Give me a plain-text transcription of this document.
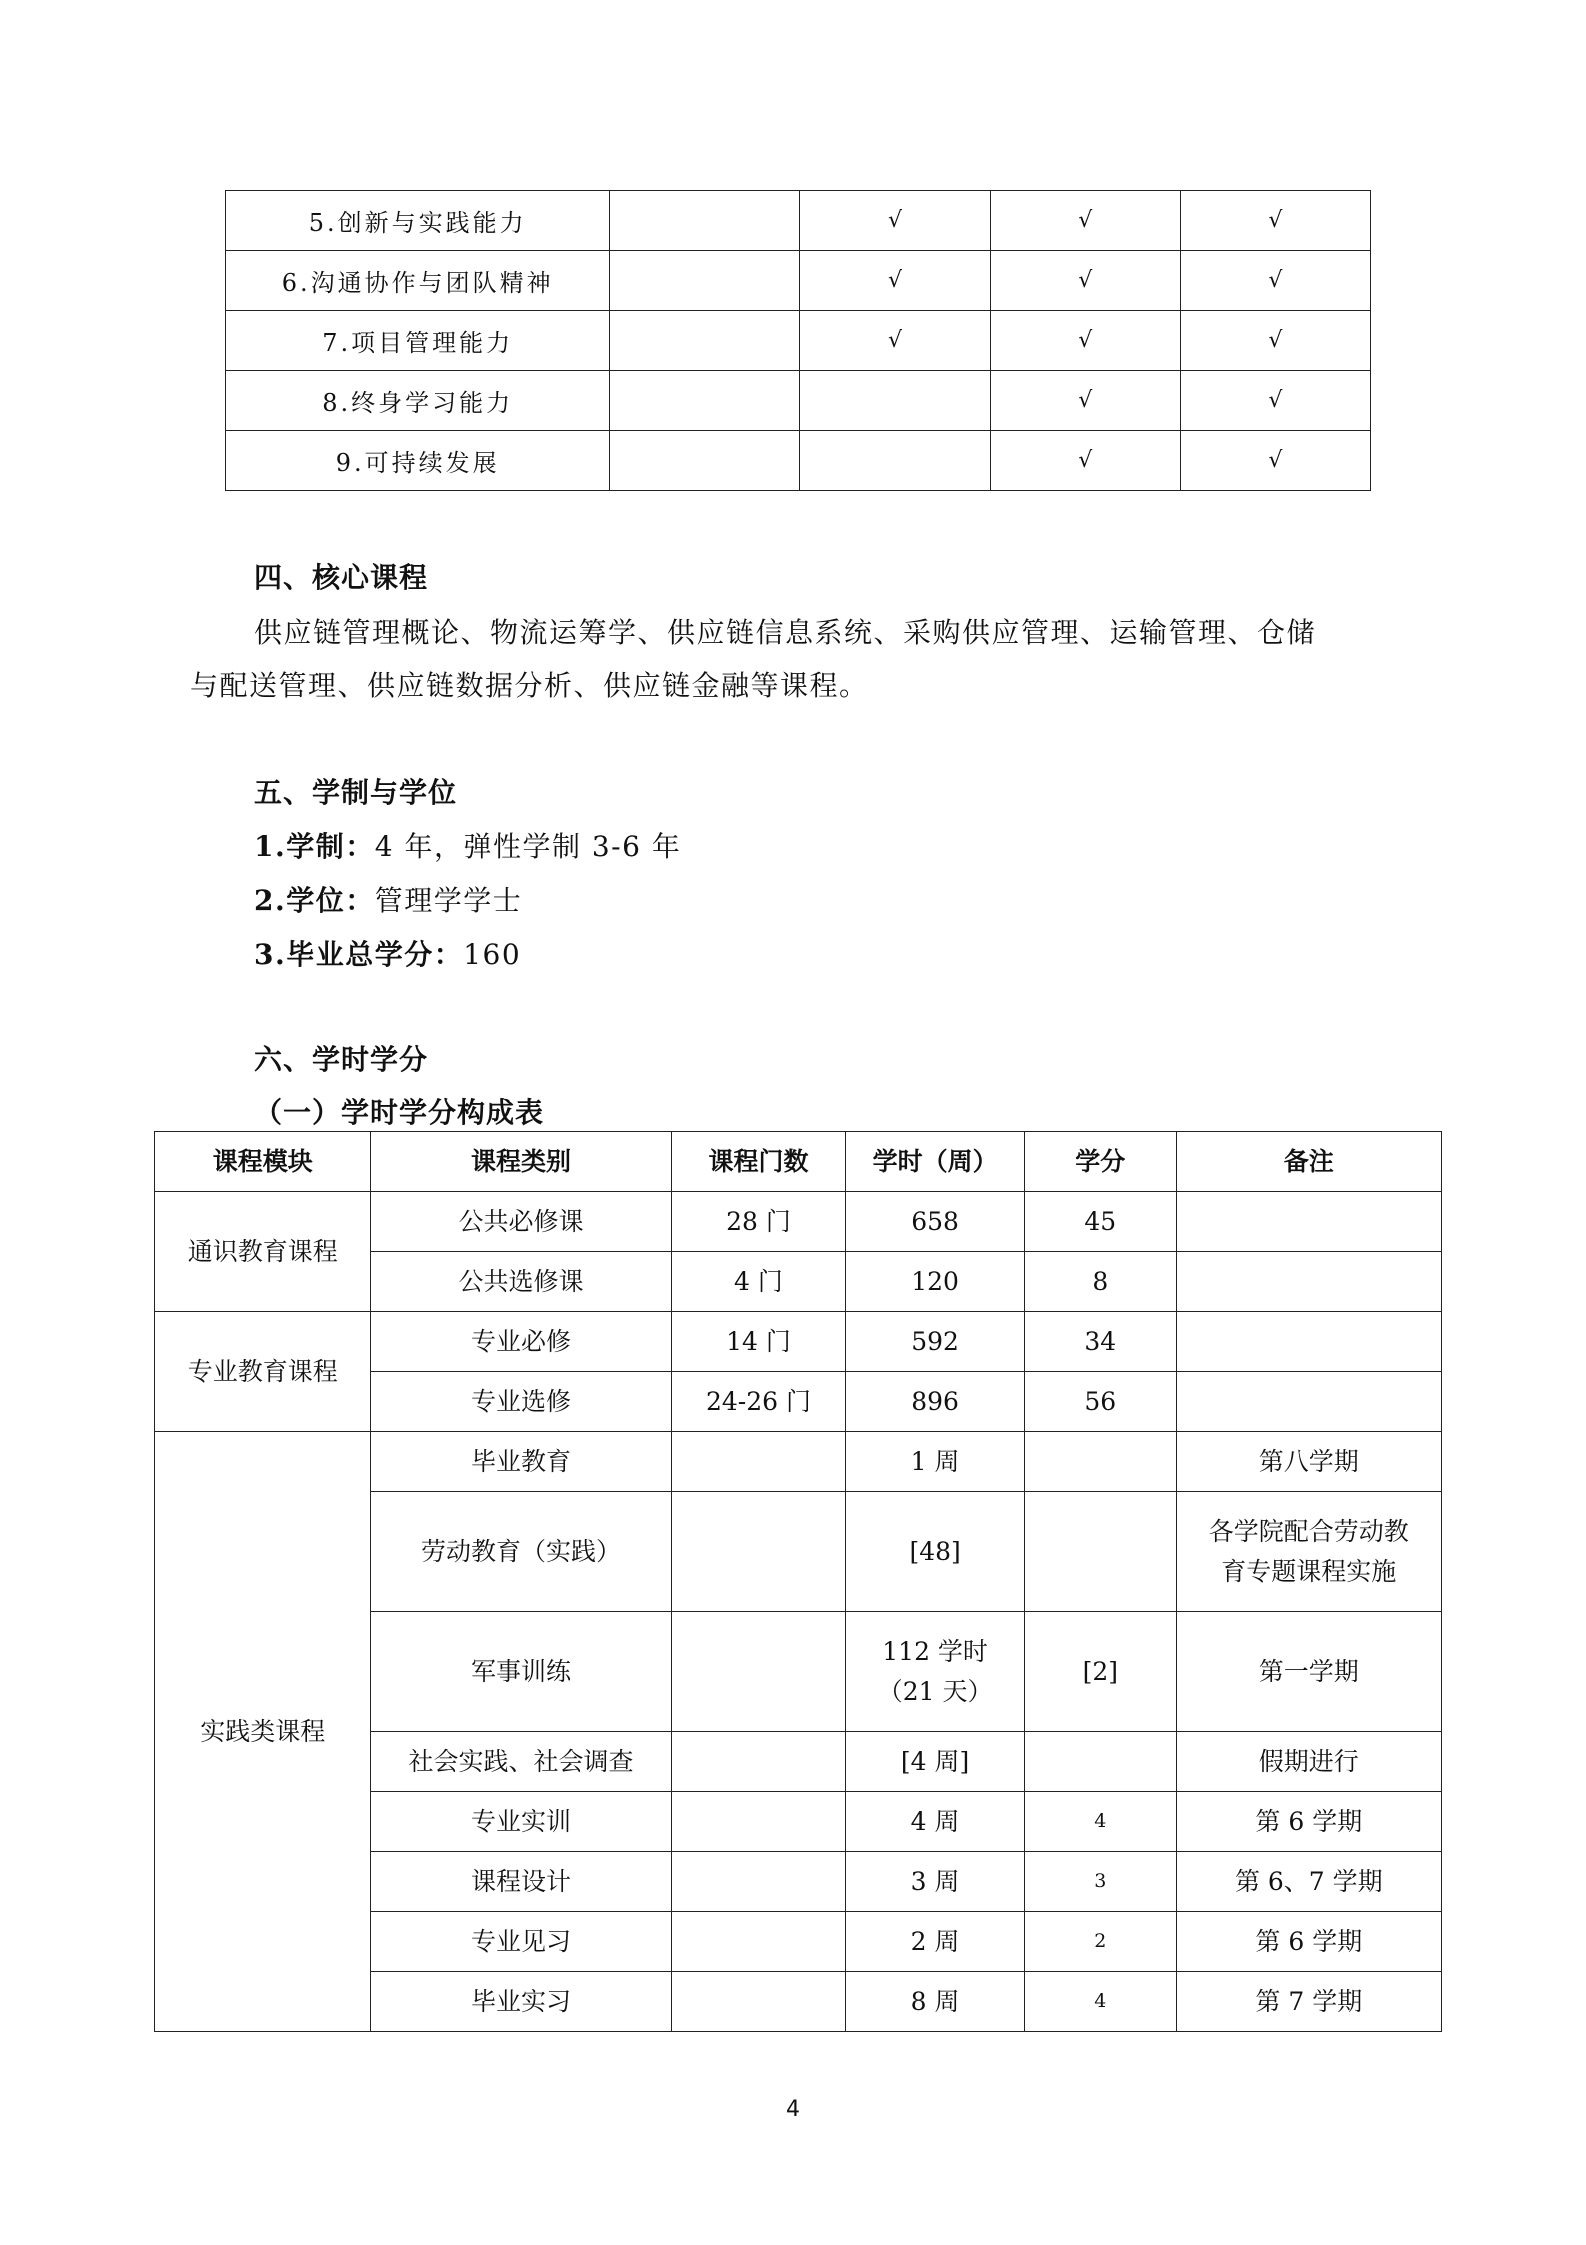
5.创新与实践能力		√	√	√
6.沟通协作与团队精神		√	√	√
7.项目管理能力		√	√	√
8.终身学习能力			√	√
9.可持续发展			√	√
四、核心课程
供应链管理概论、物流运筹学、供应链信息系统、采购供应管理、运输管理、仓储
与配送管理、供应链数据分析、供应链金融等课程。
五、学制与学位
1.学制：4 年，弹性学制 3-6 年
2.学位：管理学学士
3.毕业总学分：160
六、学时学分
（一）学时学分构成表
课程模块	课程类别	课程门数	学时（周）	学分	备注
通识教育课程	公共必修课	28 门	658	45	
	公共选修课	4 门	120	8	
专业教育课程	专业必修	14 门	592	34	
	专业选修	24-26 门	896	56	
实践类课程	毕业教育		1 周		第八学期
	劳动教育（实践）		[48]		各学院配合劳动教
育专题课程实施

	军事训练		112 学时
（21 天）	[2]	第一学期
	社会实践、社会调查		[4 周]		假期进行
	专业实训		4 周	4	第 6 学期
	课程设计		3 周	3	第 6、7 学期
	专业见习		2 周	2	第 6 学期
	毕业实习		8 周	4	第 7 学期
4
